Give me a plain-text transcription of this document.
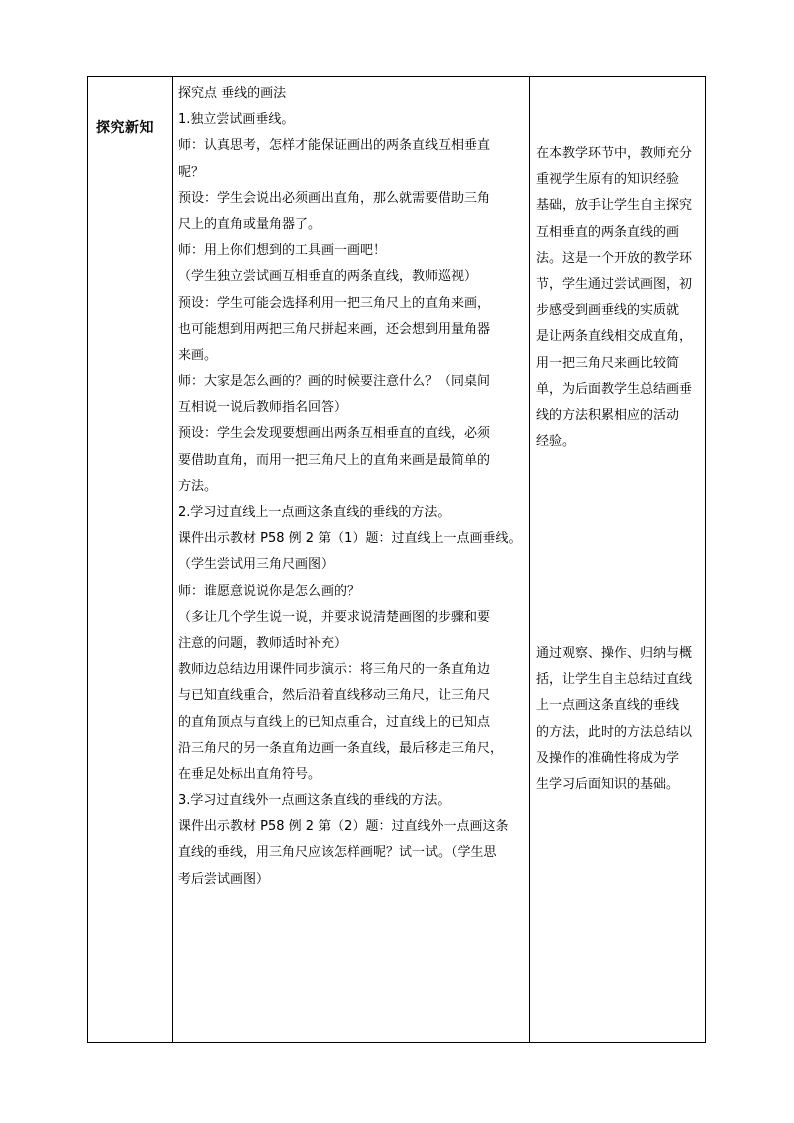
探究新知
探究点 垂线的画法
1.独立尝试画垂线。
师：认真思考，怎样才能保证画出的两条直线互相垂直
呢？
预设：学生会说出必须画出直角，那么就需要借助三角
尺上的直角或量角器了。
师：用上你们想到的工具画一画吧！
（学生独立尝试画互相垂直的两条直线，教师巡视）
预设：学生可能会选择利用一把三角尺上的直角来画，
也可能想到用两把三角尺拼起来画，还会想到用量角器
来画。
师：大家是怎么画的？画的时候要注意什么？（同桌间
互相说一说后教师指名回答）
预设：学生会发现要想画出两条互相垂直的直线，必须
要借助直角，而用一把三角尺上的直角来画是最简单的
方法。
2.学习过直线上一点画这条直线的垂线的方法。
课件出示教材 P58 例 2 第（1）题：过直线上一点画垂线。
（学生尝试用三角尺画图）
师：谁愿意说说你是怎么画的？
（多让几个学生说一说，并要求说清楚画图的步骤和要
注意的问题，教师适时补充）
教师边总结边用课件同步演示：将三角尺的一条直角边
与已知直线重合，然后沿着直线移动三角尺，让三角尺
的直角顶点与直线上的已知点重合，过直线上的已知点
沿三角尺的另一条直角边画一条直线，最后移走三角尺，
在垂足处标出直角符号。
3.学习过直线外一点画这条直线的垂线的方法。
课件出示教材 P58 例 2 第（2）题：过直线外一点画这条
直线的垂线，用三角尺应该怎样画呢？试一试。（学生思
考后尝试画图）
在本教学环节中，教师充分
重视学生原有的知识经验
基础，放手让学生自主探究
互相垂直的两条直线的画
法。这是一个开放的教学环
节，学生通过尝试画图，初
步感受到画垂线的实质就
是让两条直线相交成直角，
用一把三角尺来画比较简
单，为后面教学生总结画垂
线的方法积累相应的活动
经验。
通过观察、操作、归纳与概
括，让学生自主总结过直线
上一点画这条直线的垂线
的方法，此时的方法总结以
及操作的准确性将成为学
生学习后面知识的基础。
